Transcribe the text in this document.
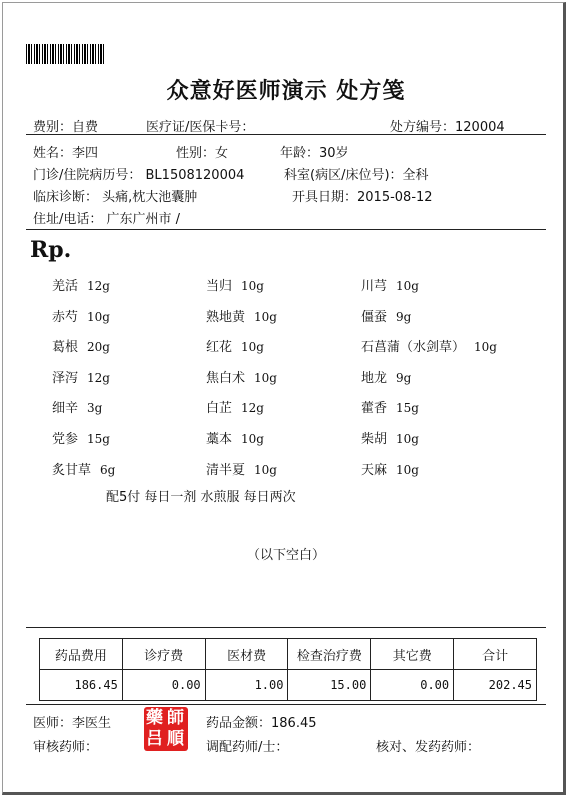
众意好医师演示 处方笺
费别：自费	医疗证/医保卡号：	处方编号：120004
姓名：李四	性别：女	年龄：30岁
门诊/住院病历号： BL1508120004	科室(病区/床位号)：全科
临床诊断： 头痛,枕大池囊肿	开具日期：2015-08-12
住址/电话： 广东广州市 /
Rp.
羌活 12g	当归 10g	川芎 10g
赤芍 10g	熟地黄 10g	僵蚕 9g
葛根 20g	红花 10g	石菖蒲（水剑草） 10g
泽泻 12g	焦白术 10g	地龙 9g
细辛 3g	白芷 12g	藿香 15g
党参 15g	藁本 10g	柴胡 10g
炙甘草 6g	清半夏 10g	天麻 10g
配5付 每日一剂 水煎服 每日两次
（以下空白）
药品费用	诊疗费	医材费	检查治疗费	其它费	合计
186.45	0.00	1.00	15.00	0.00	202.45
医师：李医生 藥 師
吕 順
药品金额：186.45
审核药师：	调配药师/士：	核对、发药药师：
